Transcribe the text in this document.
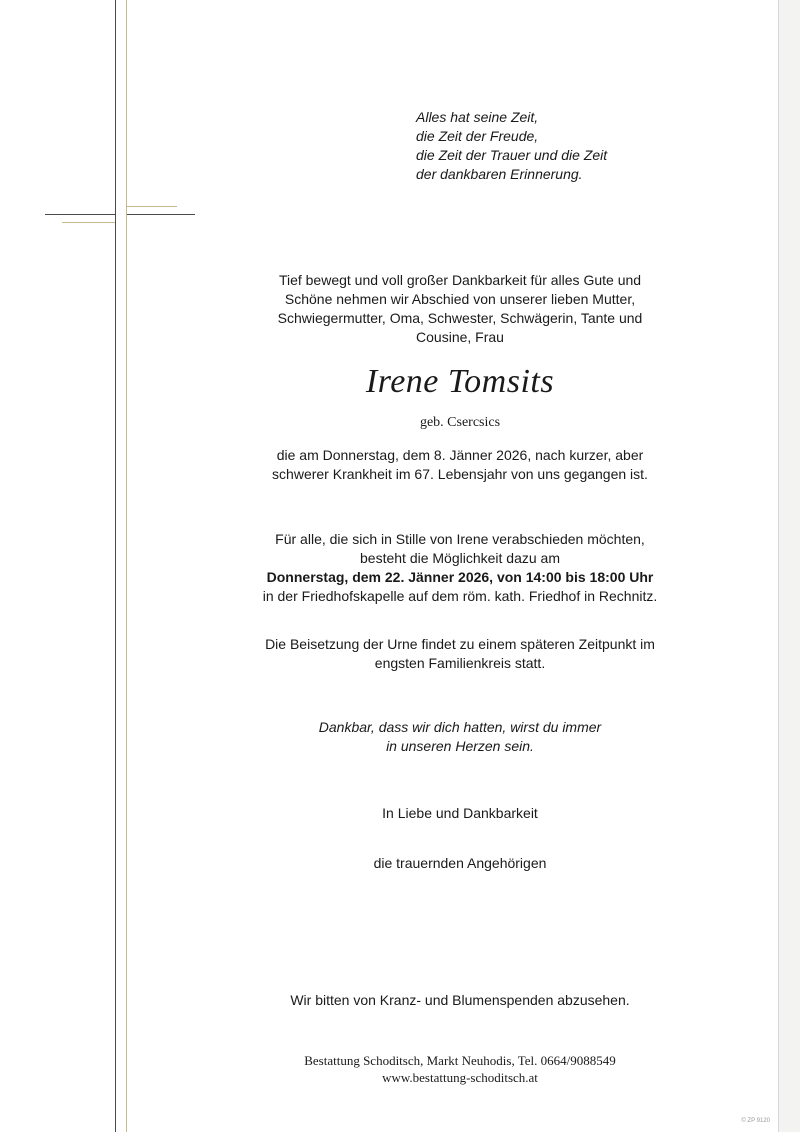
Alles hat seine Zeit,
die Zeit der Freude,
die Zeit der Trauer und die Zeit
der dankbaren Erinnerung.
Tief bewegt und voll großer Dankbarkeit für alles Gute und
Schöne nehmen wir Abschied von unserer lieben Mutter,
Schwiegermutter, Oma, Schwester, Schwägerin, Tante und
Cousine, Frau
Irene Tomsits
geb. Csercsics
die am Donnerstag, dem 8. Jänner 2026, nach kurzer, aber
schwerer Krankheit im 67. Lebensjahr von uns gegangen ist.
Für alle, die sich in Stille von Irene verabschieden möchten,
besteht die Möglichkeit dazu am
Donnerstag, dem 22. Jänner 2026, von 14:00 bis 18:00 Uhr
in der Friedhofskapelle auf dem röm. kath. Friedhof in Rechnitz.
Die Beisetzung der Urne findet zu einem späteren Zeitpunkt im
engsten Familienkreis statt.
Dankbar, dass wir dich hatten, wirst du immer
in unseren Herzen sein.
In Liebe und Dankbarkeit
die trauernden Angehörigen
Wir bitten von Kranz- und Blumenspenden abzusehen.
Bestattung Schoditsch, Markt Neuhodis, Tel. 0664/9088549
www.bestattung-schoditsch.at
© ZP 9120
